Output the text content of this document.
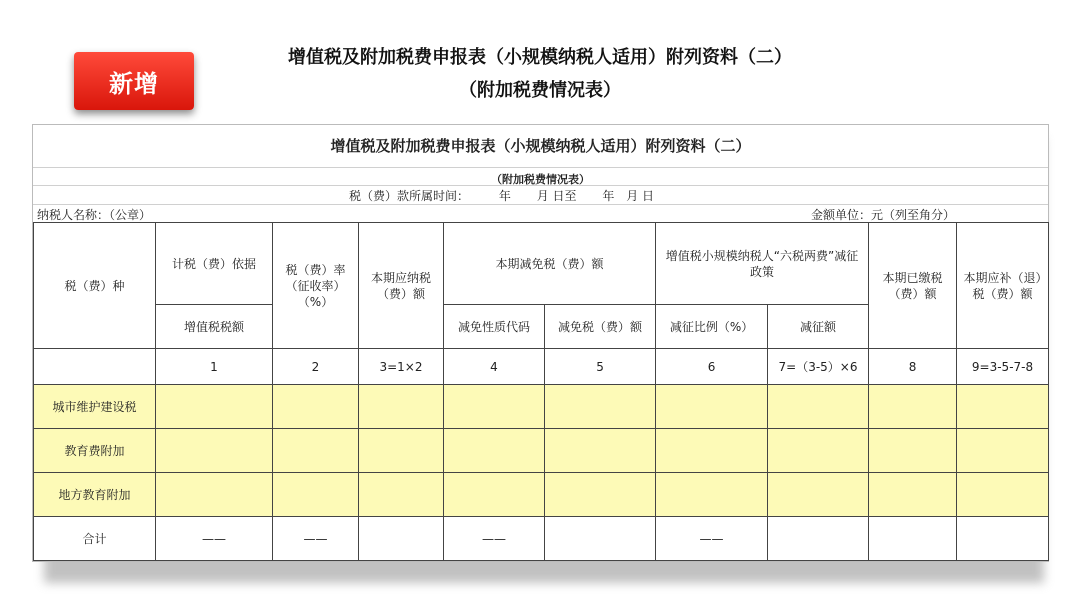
新增
增值税及附加税费申报表（小规模纳税人适用）附列资料（二）
（附加税费情况表）
增值税及附加税费申报表（小规模纳税人适用）附列资料（二）
（附加税费情况表）
税（费）款所属时间： 年 月 日至 年 月 日
纳税人名称：（公章）	金额单位：元（列至角分）
税（费）种	计税（费）依据	税（费）率（征收率）（%）	本期应纳税（费）额	本期减免税（费）额		增值税小规模纳税人“六税两费”减征政策		本期已缴税（费）额	本期应补（退）税（费）额
	增值税税额			减免性质代码	减免税（费）额	减征比例（%）	减征额		
	1	2	3=1×2	4	5	6	7=（3-5）×6	8	9=3-5-7-8
城市维护建设税									
教育费附加									
地方教育附加									
合计	——	——		——		——			
